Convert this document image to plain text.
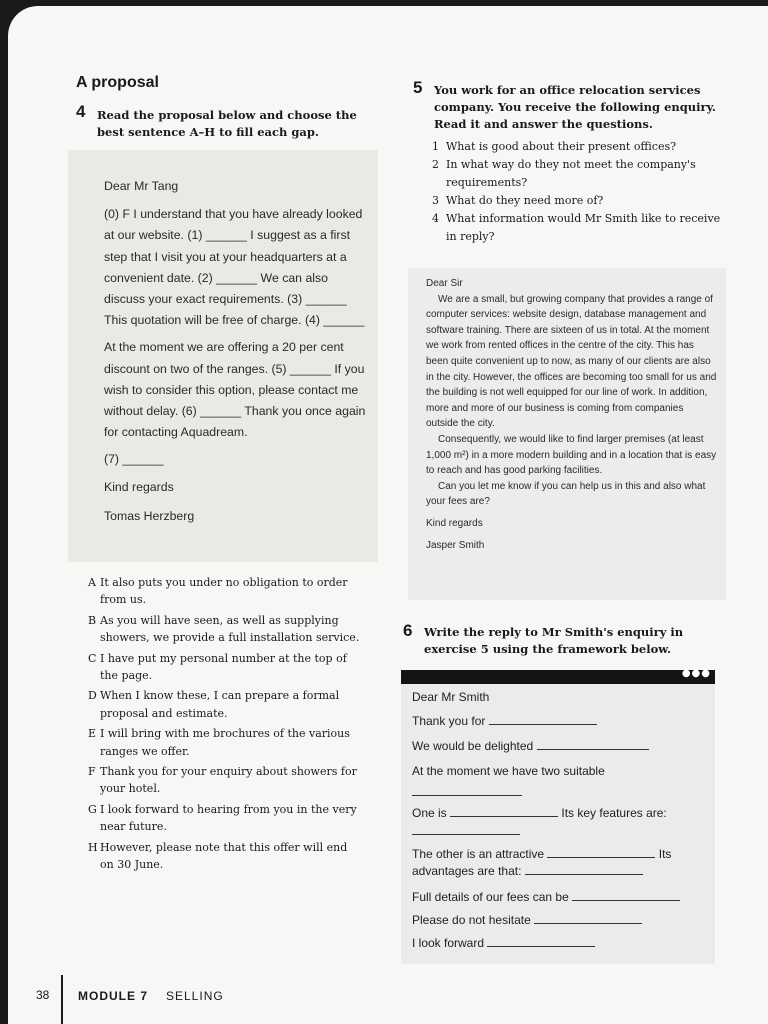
A proposal
4 Read the proposal below and choose the best sentence A–H to fill each gap.

Dear Mr Tang

(0) F I understand that you have already looked at our website. (1) ______ I suggest as a first step that I visit you at your headquarters at a convenient date. (2) ______ We can also discuss your exact requirements. (3) ______ This quotation will be free of charge. (4) ______

At the moment we are offering a 20 per cent discount on two of the ranges. (5) ______ If you wish to consider this option, please contact me without delay. (6) ______ Thank you once again for contacting Aquadream.

(7) ______

Kind regards

Tomas Herzberg

A It also puts you under no obligation to order from us.
B As you will have seen, as well as supplying showers, we provide a full installation service.
C I have put my personal number at the top of the page.
D When I know these, I can prepare a formal proposal and estimate.
E I will bring with me brochures of the various ranges we offer.
F Thank you for your enquiry about showers for your hotel.
G I look forward to hearing from you in the very near future.
H However, please note that this offer will end on 30 June.
5 You work for an office relocation services company. You receive the following enquiry. Read it and answer the questions.
1 What is good about their present offices?
2 In what way do they not meet the company's requirements?
3 What do they need more of?
4 What information would Mr Smith like to receive in reply?

Dear Sir

We are a small, but growing company that provides a range of computer services: website design, database management and software training. There are sixteen of us in total. At the moment we work from rented offices in the centre of the city. This has been quite convenient up to now, as many of our clients are also in the city. However, the offices are becoming too small for us and the building is not well equipped for our line of work. In addition, more and more of our business is coming from companies outside the city.

Consequently, we would like to find larger premises (at least 1,000 m²) in a more modern building and in a location that is easy to reach and has good parking facilities.

Can you let me know if you can help us in this and also what your fees are?

Kind regards

Jasper Smith

6 Write the reply to Mr Smith's enquiry in exercise 5 using the framework below.
●●●
Dear Mr Smith
Thank you for
We would be delighted
At the moment we have two suitable
One is	Its key features are:
The other is an attractive	Its
advantages are that:
Full details of our fees can be
Please do not hesitate
I look forward
38 MODULE 7 SELLING
